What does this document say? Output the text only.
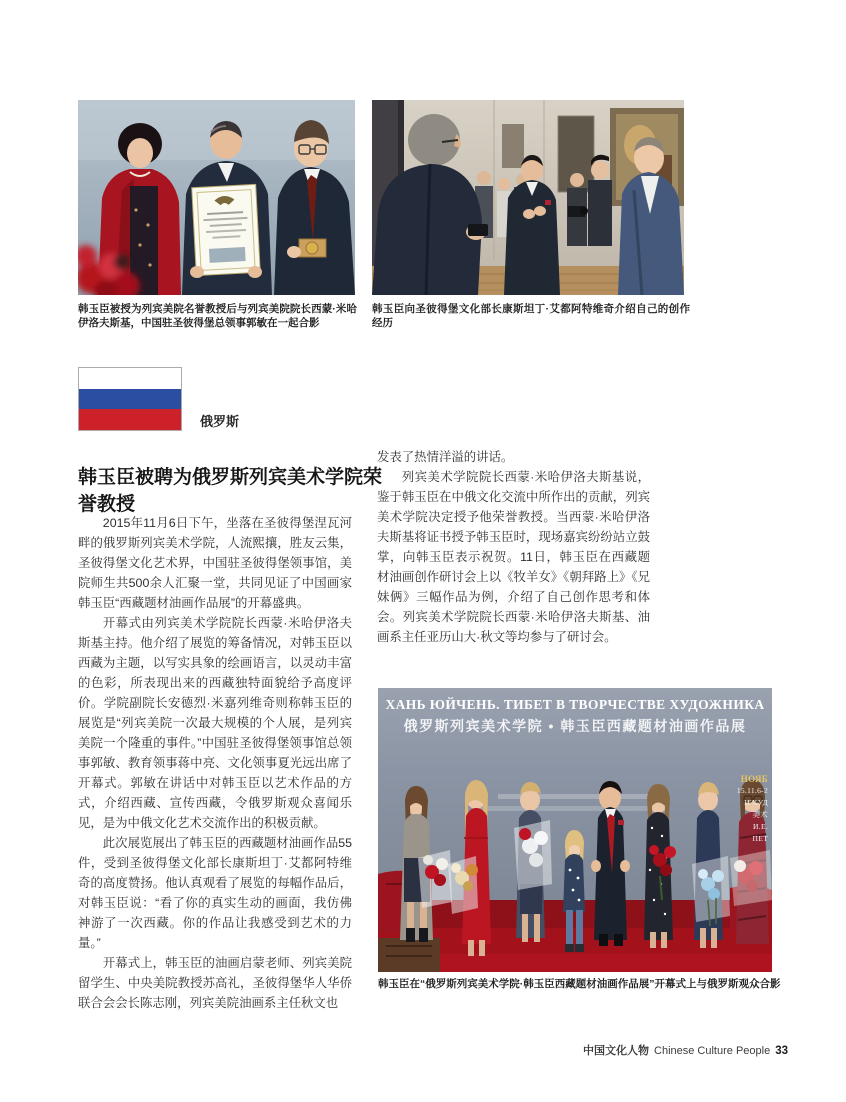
韩玉臣被授为列宾美院名誉教授后与列宾美院院长西蒙·米哈伊洛夫斯基，中国驻圣彼得堡总领事郭敏在一起合影
韩玉臣向圣彼得堡文化部长康斯坦丁·艾都阿特维奇介绍自己的创作经历
俄罗斯
韩玉臣被聘为俄罗斯列宾美术学院荣誉教授

2015年11月6日下午，坐落在圣彼得堡涅瓦河畔的俄罗斯列宾美术学院，人流熙攘，胜友云集，圣彼得堡文化艺术界，中国驻圣彼得堡领事馆，美院师生共500余人汇聚一堂，共同见证了中国画家韩玉臣“西藏题材油画作品展”的开幕盛典。

开幕式由列宾美术学院院长西蒙·米哈伊洛夫斯基主持。他介绍了展览的筹备情况，对韩玉臣以西藏为主题，以写实具象的绘画语言，以灵动丰富的色彩，所表现出来的西藏独特面貌给予高度评价。学院副院长安德烈·米嘉列维奇则称韩玉臣的展览是“列宾美院一次最大规模的个人展，是列宾美院一个隆重的事件。”中国驻圣彼得堡领事馆总领事郭敏、教育领事蒋中亮、文化领事夏光远出席了开幕式。郭敏在讲话中对韩玉臣以艺术作品的方式，介绍西藏、宣传西藏，令俄罗斯观众喜闻乐见，是为中俄文化艺术交流作出的积极贡献。

此次展览展出了韩玉臣的西藏题材油画作品55件，受到圣彼得堡文化部长康斯坦丁·艾都阿特维奇的高度赞扬。他认真观看了展览的每幅作品后，对韩玉臣说：“看了你的真实生动的画面，我仿佛神游了一次西藏。你的作品让我感受到艺术的力量。”

开幕式上，韩玉臣的油画启蒙老师、列宾美院留学生、中央美院教授苏高礼，圣彼得堡华人华侨联合会会长陈志刚，列宾美院油画系主任秋文也

发表了热情洋溢的讲话。

列宾美术学院院长西蒙·米哈伊洛夫斯基说，鉴于韩玉臣在中俄文化交流中所作出的贡献，列宾美术学院决定授予他荣誉教授。当西蒙·米哈伊洛夫斯基将证书授予韩玉臣时，现场嘉宾纷纷站立鼓掌，向韩玉臣表示祝贺。11日，韩玉臣在西藏题材油画创作研讨会上以《牧羊女》《朝拜路上》《兄妹俩》三幅作品为例，介绍了自己创作思考和体会。列宾美术学院院长西蒙·米哈伊洛夫斯基、油画系主任亚历山大·秋文等均参与了研讨会。

ХАНЬ ЮЙЧЕНЬ. ТИБЕТ В ТВОРЧЕСТВЕ ХУДОЖНИКА
俄罗斯列宾美术学院 • 韩玉臣西藏题材油画作品展
НОЯБ
15.11.6-2
И ХУД
美术
И.Е.
ПЕТ
韩玉臣在“俄罗斯列宾美术学院·韩玉臣西藏题材油画作品展”开幕式上与俄罗斯观众合影
中国文化人物 Chinese Culture People 33
